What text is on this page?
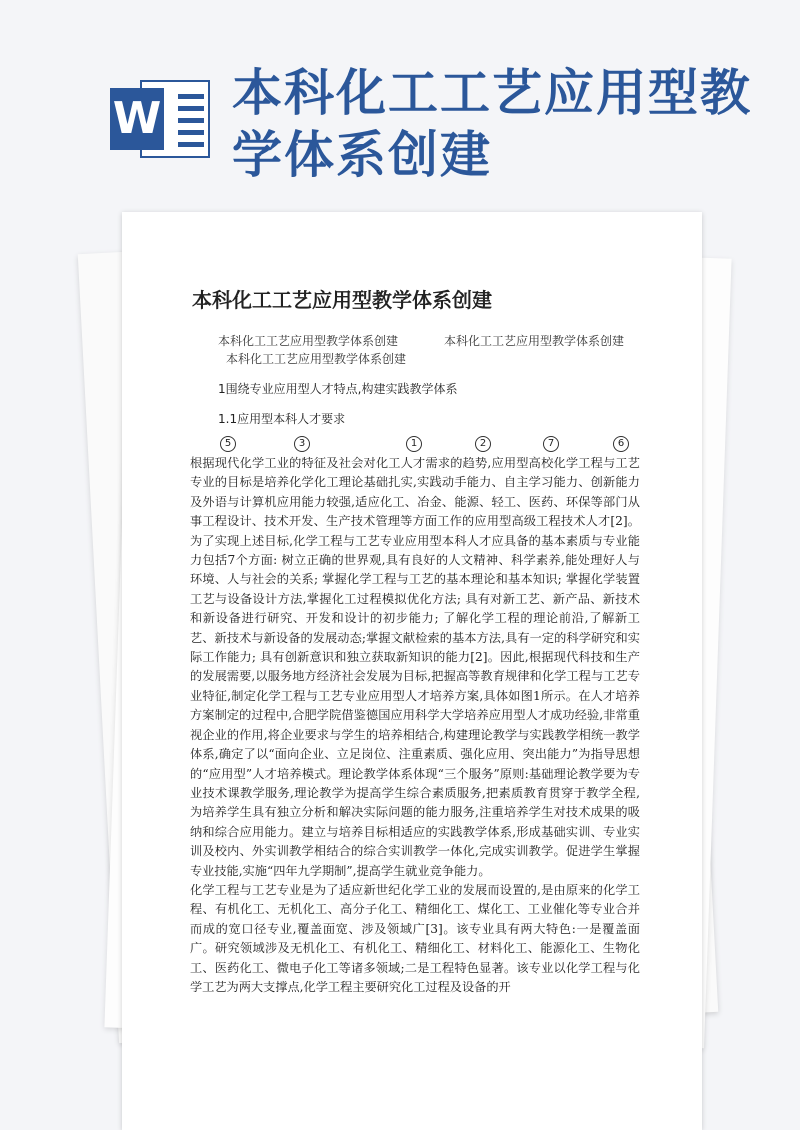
W 本科化工工艺应用型教学体系创建
本科化工工艺应用型教学体系创建
本科化工工艺应用型教学体系创建	本科化工工艺应用型教学体系创建
本科化工工艺应用型教学体系创建
1围绕专业应用型人才特点,构建实践教学体系
1.1应用型本科人才要求
5	3	1	2	7	6

根据现代化学工业的特征及社会对化工人才需求的趋势,应用型高校化学工程与工艺专业的目标是培养化学化工理论基础扎实,实践动手能力、自主学习能力、创新能力及外语与计算机应用能力较强,适应化工、冶金、能源、轻工、医药、环保等部门从事工程设计、技术开发、生产技术管理等方面工作的应用型高级工程技术人才[2]。为了实现上述目标,化学工程与工艺专业应用型本科人才应具备的基本素质与专业能力包括7个方面: 树立正确的世界观,具有良好的人文精神、科学素养,能处理好人与环境、人与社会的关系; 掌握化学工程与工艺的基本理论和基本知识; 掌握化学装置工艺与设备设计方法,掌握化工过程模拟优化方法; 具有对新工艺、新产品、新技术和新设备进行研究、开发和设计的初步能力; 了解化学工程的理论前沿,了解新工艺、新技术与新设备的发展动态;掌握文献检索的基本方法,具有一定的科学研究和实际工作能力; 具有创新意识和独立获取新知识的能力[2]。因此,根据现代科技和生产的发展需要,以服务地方经济社会发展为目标,把握高等教育规律和化学工程与工艺专业特征,制定化学工程与工艺专业应用型人才培养方案,具体如图1所示。在人才培养方案制定的过程中,合肥学院借鉴德国应用科学大学培养应用型人才成功经验,非常重视企业的作用,将企业要求与学生的培养相结合,构建理论教学与实践教学相统一教学体系,确定了以“面向企业、立足岗位、注重素质、强化应用、突出能力”为指导思想的“应用型”人才培养模式。理论教学体系体现“三个服务”原则:基础理论教学要为专业技术课教学服务,理论教学为提高学生综合素质服务,把素质教育贯穿于教学全程,为培养学生具有独立分析和解决实际问题的能力服务,注重培养学生对技术成果的吸纳和综合应用能力。建立与培养目标相适应的实践教学体系,形成基础实训、专业实训及校内、外实训教学相结合的综合实训教学一体化,完成实训教学。促进学生掌握专业技能,实施“四年九学期制”,提高学生就业竞争能力。

化学工程与工艺专业是为了适应新世纪化学工业的发展而设置的,是由原来的化学工程、有机化工、无机化工、高分子化工、精细化工、煤化工、工业催化等专业合并而成的宽口径专业,覆盖面宽、涉及领域广[3]。该专业具有两大特色:一是覆盖面广。研究领域涉及无机化工、有机化工、精细化工、材料化工、能源化工、生物化工、医药化工、微电子化工等诸多领域;二是工程特色显著。该专业以化学工程与化学工艺为两大支撑点,化学工程主要研究化工过程及设备的开
